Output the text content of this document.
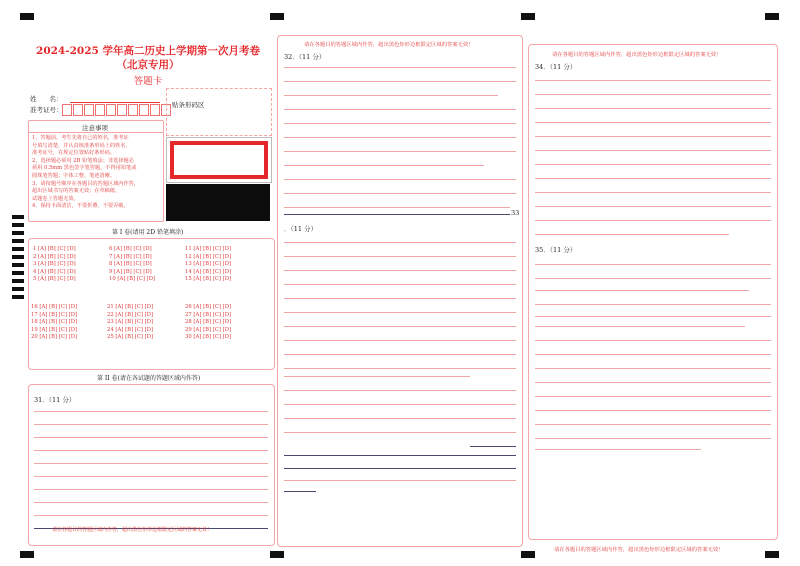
2024-2025 学年高二历史上学期第一次月考卷
（北京专用）
答题卡
姓　　名：
准考证号：
贴条形码区
注意事项
1、答题前，考生先将自己的姓名，准考证
号填写清楚，并认真核准条形码上的姓名、
准考证号，在规定位置贴好条形码。
2、选择题必须用 2B 铅笔填涂；非选择题必
须用 0.5mm 黑色签字笔答题，不得用铅笔或
圆珠笔答题；字体工整、笔迹清晰。
3、请按题号顺序在各题目的答题区域内作答，
超出区域书写的答案无效；在草稿纸、
试题卷上答题无效。
4、保持卡面清洁，不要折叠、不要弄破。
第 I 卷(请用 2D 铅笔填涂)
1 [A] [B] [C] [D]
2 [A] [B] [C] [D]
3 [A] [B] [C] [D]
4 [A] [B] [C] [D]
5 [A] [B] [C] [D]
6 [A] [B] [C] [D]
7 [A] [B] [C] [D]
8 [A] [B] [C] [D]
9 [A] [B] [C] [D]
10 [A] [B] [C] [D]
11 [A] [B] [C] [D]
12 [A] [B] [C] [D]
13 [A] [B] [C] [D]
14 [A] [B] [C] [D]
15 [A] [B] [C] [D]
16 [A] [B] [C] [D]
17 [A] [B] [C] [D]
18 [A] [B] [C] [D]
19 [A] [B] [C] [D]
20 [A] [B] [C] [D]
21 [A] [B] [C] [D]
22 [A] [B] [C] [D]
23 [A] [B] [C] [D]
24 [A] [B] [C] [D]
25 [A] [B] [C] [D]
26 [A] [B] [C] [D]
27 [A] [B] [C] [D]
28 [A] [B] [C] [D]
29 [A] [B] [C] [D]
30 [A] [B] [C] [D]
第 II 卷(请在各试题的答题区域内作答)
31．（11 分）
请在各题目的答题区域内作答，超出黑色矩形边框限定区域的答案无效！
请在各题目的答题区域内作答，超出黑色矩形边框限定区域的答案无效！
32．（11 分）
33
．（11 分）
请在各题目的答题区域内作答，超出黑色矩形边框限定区域的答案无效！
34．（11 分）
35．（11 分）
请在各题目的答题区域内作答，超出黑色矩形边框限定区域的答案无效！
